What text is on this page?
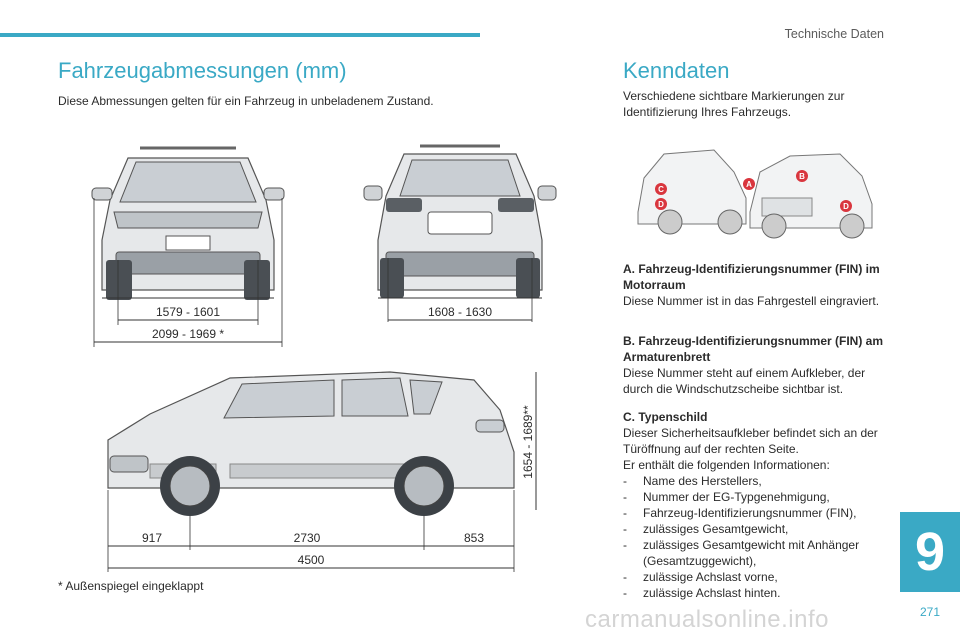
Technische Daten
Fahrzeugabmessungen (mm)

Diese Abmessungen gelten für ein Fahrzeug in unbeladenem Zustand.

1579 - 1601
2099 - 1969 *
1608 - 1630
1654 - 1689**
917	2730	853
4500

* Außenspiegel eingeklappt

Kenndaten

Verschiedene sichtbare Markierungen zur Identifizierung Ihres Fahrzeugs.

A
B
C
D	D

A. Fahrzeug-Identifizierungsnummer (FIN) im Motorraum
Diese Nummer ist in das Fahrgestell eingraviert.

B. Fahrzeug-Identifizierungsnummer (FIN) am Armaturenbrett
Diese Nummer steht auf einem Aufkleber, der durch die Windschutzscheibe sichtbar ist.

C. Typenschild
Dieser Sicherheitsaufkleber befindet sich an der Türöffnung auf der rechten Seite.
Er enthält die folgenden Informationen:

- Name des Herstellers,
- Nummer der EG-Typgenehmigung,
- Fahrzeug-Identifizierungsnummer (FIN),
- zulässiges Gesamtgewicht,
- zulässiges Gesamtgewicht mit Anhänger (Gesamtzuggewicht),
- zulässige Achslast vorne,
- zulässige Achslast hinten.
9
carmanualsonline.info	271
